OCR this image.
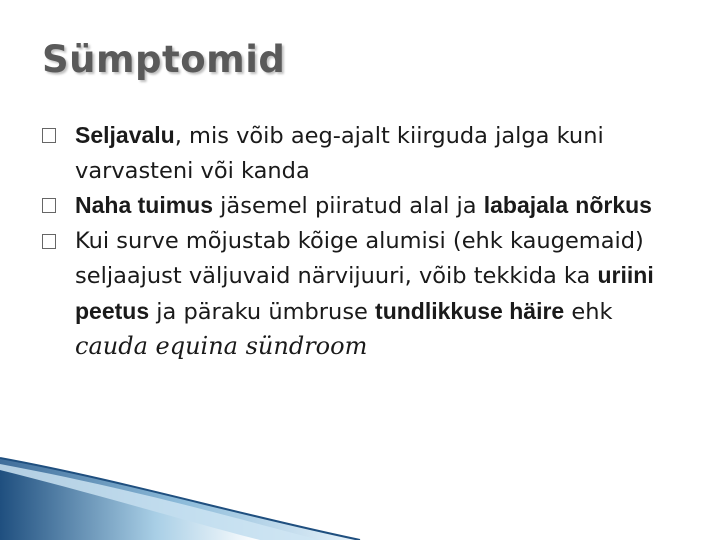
Sümptomid
Seljavalu, mis võib aeg-ajalt kiirguda jalga kuni varvasteni või kanda
Naha tuimus jäsemel piiratud alal ja labajala nõrkus
Kui surve mõjustab kõige alumisi (ehk kaugemaid) seljaajust väljuvaid närvijuuri, võib tekkida ka uriini peetus ja päraku ümbruse tundlikkuse häire ehk cauda equina sündroom
